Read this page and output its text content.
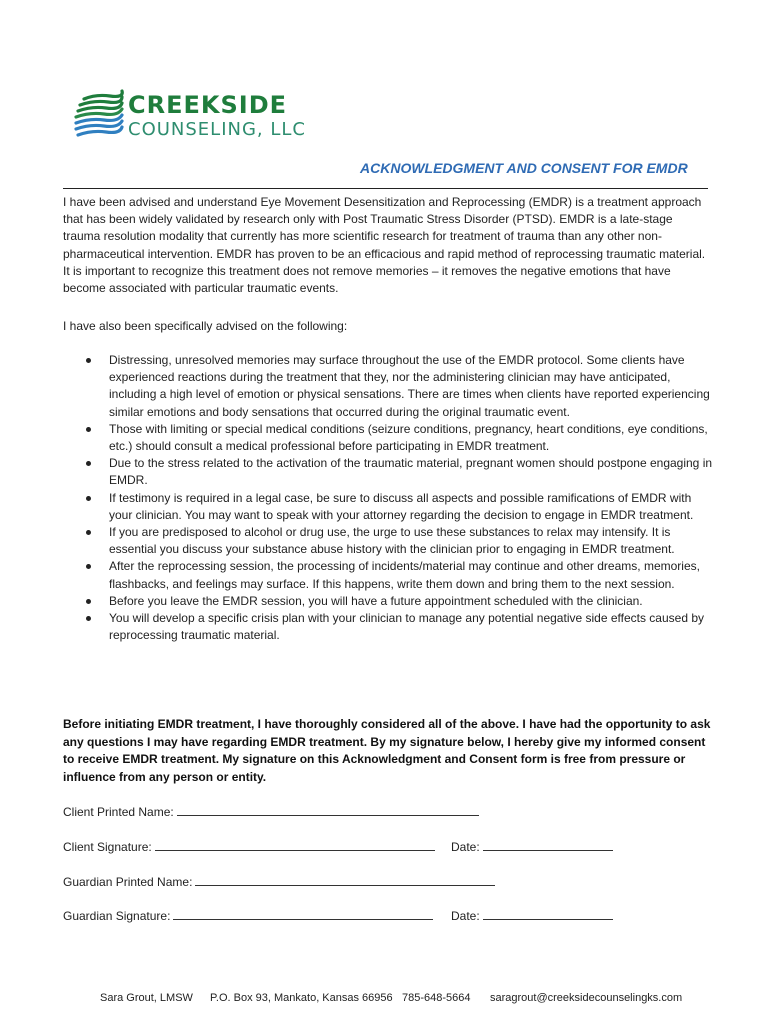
CREEKSIDE
COUNSELING, LLC
ACKNOWLEDGMENT AND CONSENT FOR EMDR
I have been advised and understand Eye Movement Desensitization and Reprocessing (EMDR) is a treatment approach that has been widely validated by research only with Post Traumatic Stress Disorder (PTSD). EMDR is a late-stage trauma resolution modality that currently has more scientific research for treatment of trauma than any other non-pharmaceutical intervention. EMDR has proven to be an efficacious and rapid method of reprocessing traumatic material. It is important to recognize this treatment does not remove memories – it removes the negative emotions that have become associated with particular traumatic events.
I have also been specifically advised on the following:
Distressing, unresolved memories may surface throughout the use of the EMDR protocol. Some clients have experienced reactions during the treatment that they, nor the administering clinician may have anticipated, including a high level of emotion or physical sensations. There are times when clients have reported experiencing similar emotions and body sensations that occurred during the original traumatic event.
Those with limiting or special medical conditions (seizure conditions, pregnancy, heart conditions, eye conditions, etc.) should consult a medical professional before participating in EMDR treatment.
Due to the stress related to the activation of the traumatic material, pregnant women should postpone engaging in EMDR.
If testimony is required in a legal case, be sure to discuss all aspects and possible ramifications of EMDR with your clinician. You may want to speak with your attorney regarding the decision to engage in EMDR treatment.
If you are predisposed to alcohol or drug use, the urge to use these substances to relax may intensify. It is essential you discuss your substance abuse history with the clinician prior to engaging in EMDR treatment.
After the reprocessing session, the processing of incidents/material may continue and other dreams, memories, flashbacks, and feelings may surface. If this happens, write them down and bring them to the next session.
Before you leave the EMDR session, you will have a future appointment scheduled with the clinician.
You will develop a specific crisis plan with your clinician to manage any potential negative side effects caused by reprocessing traumatic material.
Before initiating EMDR treatment, I have thoroughly considered all of the above. I have had the opportunity to ask any questions I may have regarding EMDR treatment. By my signature below, I hereby give my informed consent to receive EMDR treatment. My signature on this Acknowledgment and Consent form is free from pressure or influence from any person or entity.
Client Printed Name:
Client Signature:	Date:
Guardian Printed Name:
Guardian Signature:	Date:
Sara Grout, LMSW P.O. Box 93, Mankato, Kansas 66956 785-648-5664 saragrout@creeksidecounselingks.com
